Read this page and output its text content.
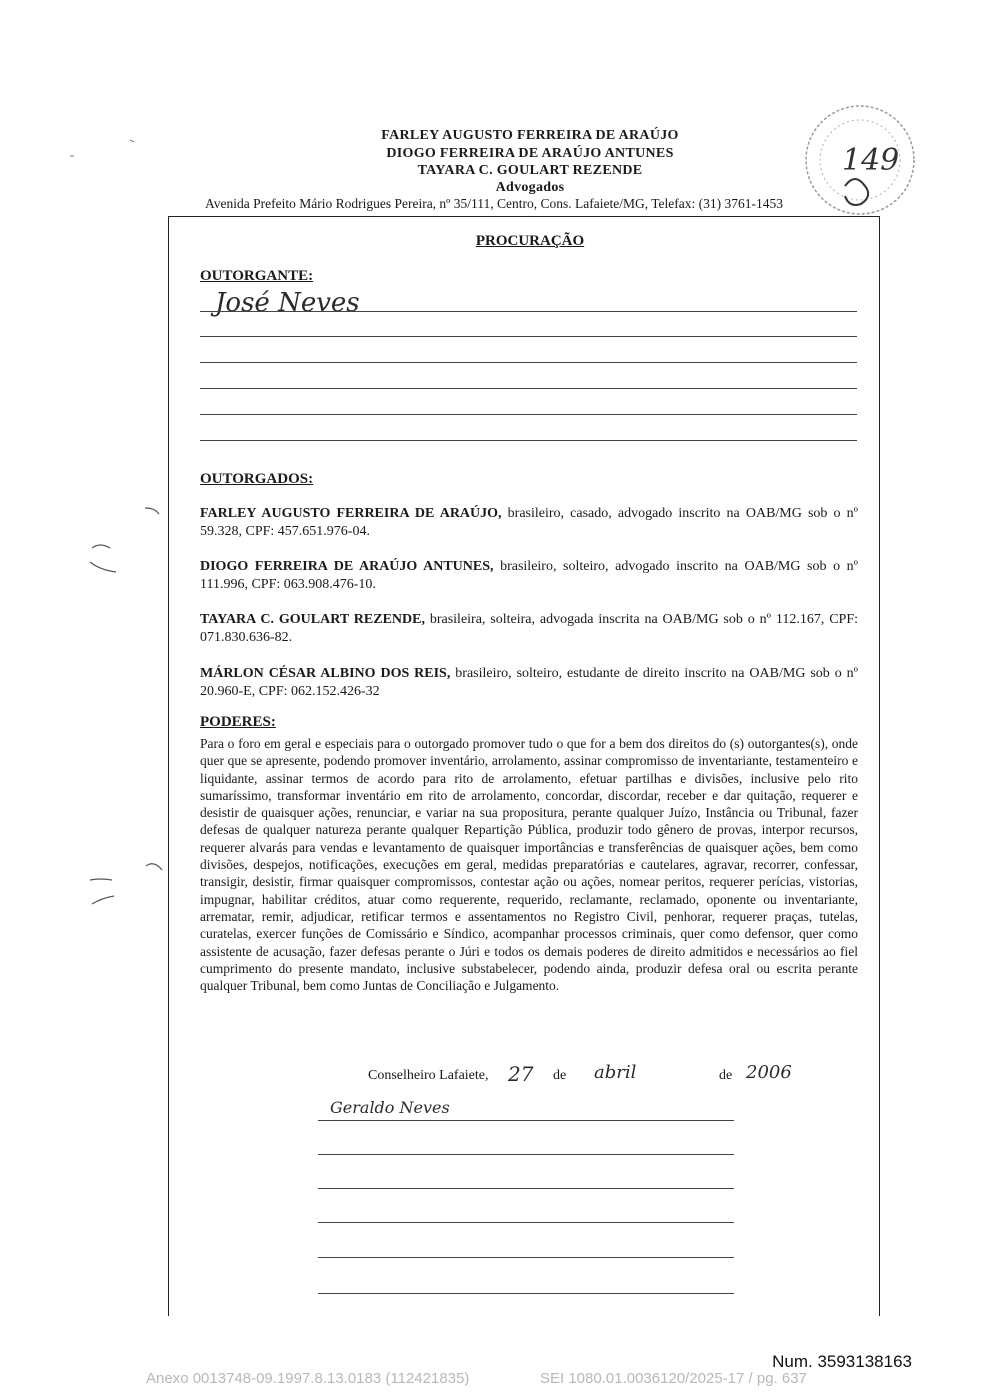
FARLEY AUGUSTO FERREIRA DE ARAÚJO
DIOGO FERREIRA DE ARAÚJO ANTUNES
TAYARA C. GOULART REZENDE
Advogados
Avenida Prefeito Mário Rodrigues Pereira, nº 35/111, Centro, Cons. Lafaiete/MG, Telefax: (31) 3761-1453
149
PROCURAÇÃO
OUTORGANTE:
José Neves
OUTORGADOS:
FARLEY AUGUSTO FERREIRA DE ARAÚJO, brasileiro, casado, advogado inscrito na OAB/MG sob o nº 59.328, CPF: 457.651.976-04.
DIOGO FERREIRA DE ARAÚJO ANTUNES, brasileiro, solteiro, advogado inscrito na OAB/MG sob o nº 111.996, CPF: 063.908.476-10.
TAYARA C. GOULART REZENDE, brasileira, solteira, advogada inscrita na OAB/MG sob o nº 112.167, CPF: 071.830.636-82.
MÁRLON CÉSAR ALBINO DOS REIS, brasileiro, solteiro, estudante de direito inscrito na OAB/MG sob o nº 20.960-E, CPF: 062.152.426-32
PODERES:
Para o foro em geral e especiais para o outorgado promover tudo o que for a bem dos direitos do (s) outorgantes(s), onde quer que se apresente, podendo promover inventário, arrolamento, assinar compromisso de inventariante, testamenteiro e liquidante, assinar termos de acordo para rito de arrolamento, efetuar partilhas e divisões, inclusive pelo rito sumaríssimo, transformar inventário em rito de arrolamento, concordar, discordar, receber e dar quitação, requerer e desistir de quaisquer ações, renunciar, e variar na sua propositura, perante qualquer Juízo, Instância ou Tribunal, fazer defesas de qualquer natureza perante qualquer Repartição Pública, produzir todo gênero de provas, interpor recursos, requerer alvarás para vendas e levantamento de quaisquer importâncias e transferências de quaisquer ações, bem como divisões, despejos, notificações, execuções em geral, medidas preparatórias e cautelares, agravar, recorrer, confessar, transigir, desistir, firmar quaisquer compromissos, contestar ação ou ações, nomear peritos, requerer perícias, vistorias, impugnar, habilitar créditos, atuar como requerente, requerido, reclamante, reclamado, oponente ou inventariante, arrematar, remir, adjudicar, retificar termos e assentamentos no Registro Civil, penhorar, requerer praças, tutelas, curatelas, exercer funções de Comissário e Síndico, acompanhar processos criminais, quer como defensor, quer como assistente de acusação, fazer defesas perante o Júri e todos os demais poderes de direito admitidos e necessários ao fiel cumprimento do presente mandato, inclusive substabelecer, podendo ainda, produzir defesa oral ou escrita perante qualquer Tribunal, bem como Juntas de Conciliação e Julgamento.
Conselheiro Lafaiete, 27 de abril	de 2006
Geraldo Neves
Num. 3593138163
Anexo 0013748-09.1997.8.13.0183 (112421835)	SEI 1080.01.0036120/2025-17 / pg. 637
